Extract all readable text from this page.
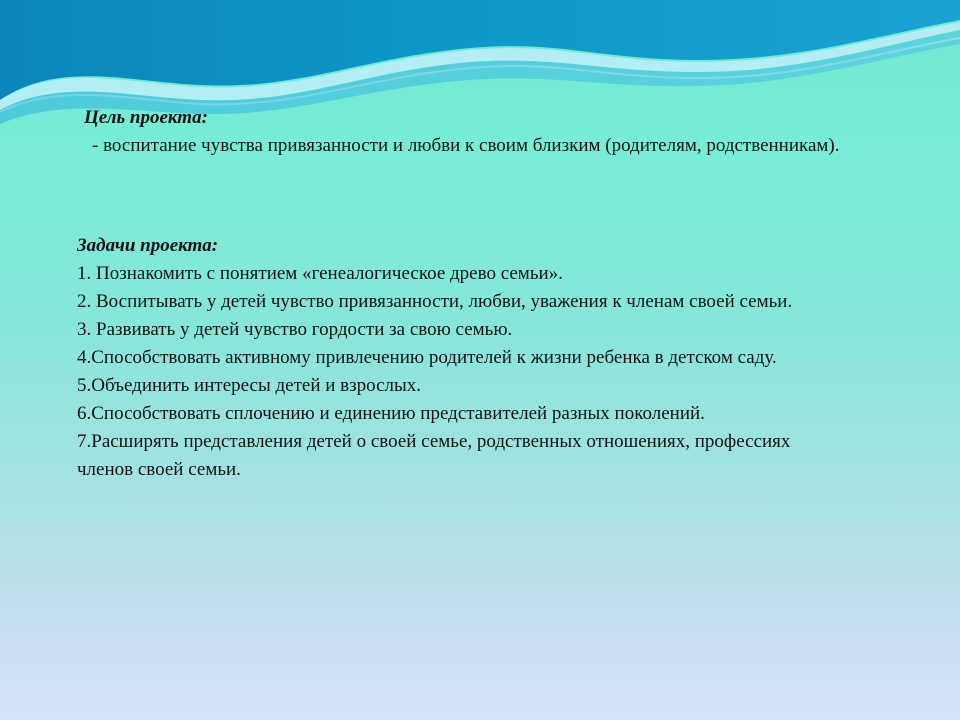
Цель проекта:
- воспитание чувства привязанности и любви к своим близким (родителям, родственникам).
Задачи проекта:

1. Познакомить с понятием «генеалогическое древо семьи».

2. Воспитывать у детей чувство привязанности, любви, уважения к членам своей семьи.

3. Развивать у детей чувство гордости за свою семью.

4.Способствовать активному привлечению родителей к жизни ребенка в детском саду.

5.Объединить интересы детей и взрослых.

6.Способствовать сплочению и единению представителей разных поколений.

7.Расширять представления детей о своей семье, родственных отношениях, профессиях членов своей семьи.
